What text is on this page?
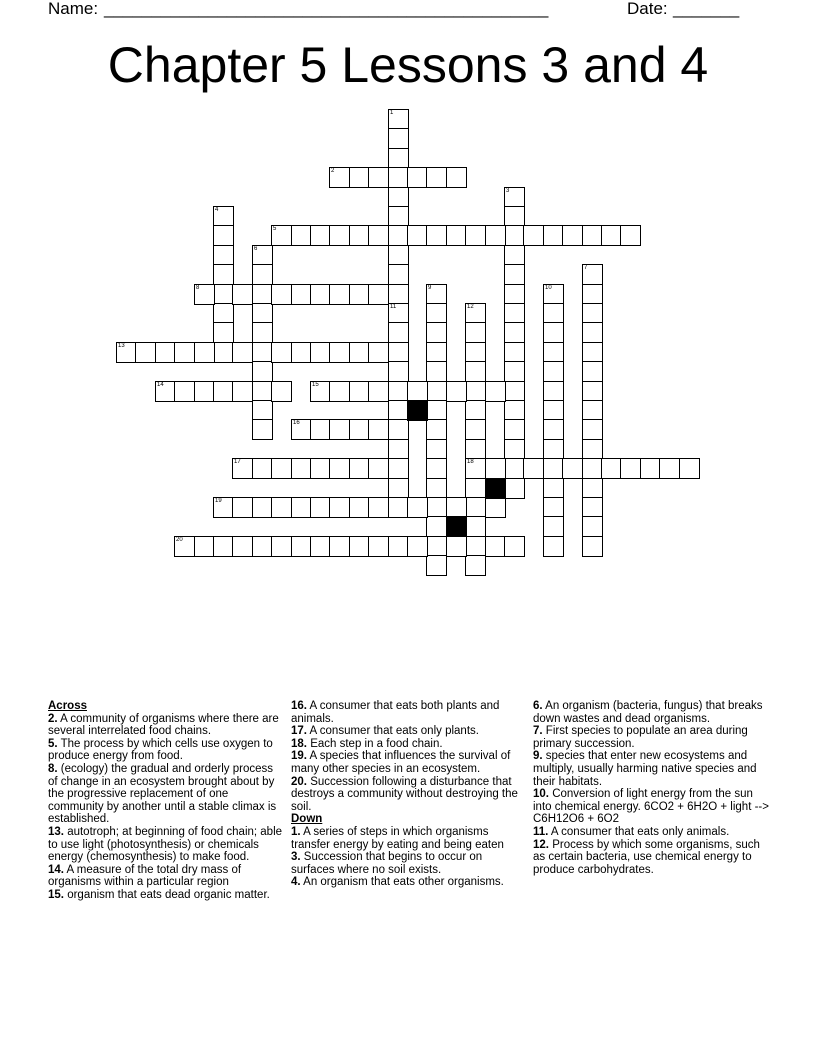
Name: _______________________________________________	Date: _______
Chapter 5 Lessons 3 and 4
1
11
2
3
4
5
6
7
8	9	10
12
18
13
14	15
16
17
19
20
Across
2. A community of organisms where there are several interrelated food chains.
5. The process by which cells use oxygen to produce energy from food.
8. (ecology) the gradual and orderly process of change in an ecosystem brought about by the progressive replacement of one community by another until a stable climax is established.
13. autotroph; at beginning of food chain; able to use light (photosynthesis) or chemicals energy (chemosynthesis) to make food.
14. A measure of the total dry mass of organisms within a particular region
15. organism that eats dead organic matter.
16. A consumer that eats both plants and animals.
17. A consumer that eats only plants.
18. Each step in a food chain.
19. A species that influences the survival of many other species in an ecosystem.
20. Succession following a disturbance that destroys a community without destroying the soil.
Down
1. A series of steps in which organisms transfer energy by eating and being eaten
3. Succession that begins to occur on surfaces where no soil exists.
4. An organism that eats other organisms.
6. An organism (bacteria, fungus) that breaks down wastes and dead organisms.
7. First species to populate an area during primary succession.
9. species that enter new ecosystems and multiply, usually harming native species and their habitats.
10. Conversion of light energy from the sun into chemical energy. 6CO2 + 6H2O + light --> C6H12O6 + 6O2
11. A consumer that eats only animals.
12. Process by which some organisms, such as certain bacteria, use chemical energy to produce carbohydrates.
